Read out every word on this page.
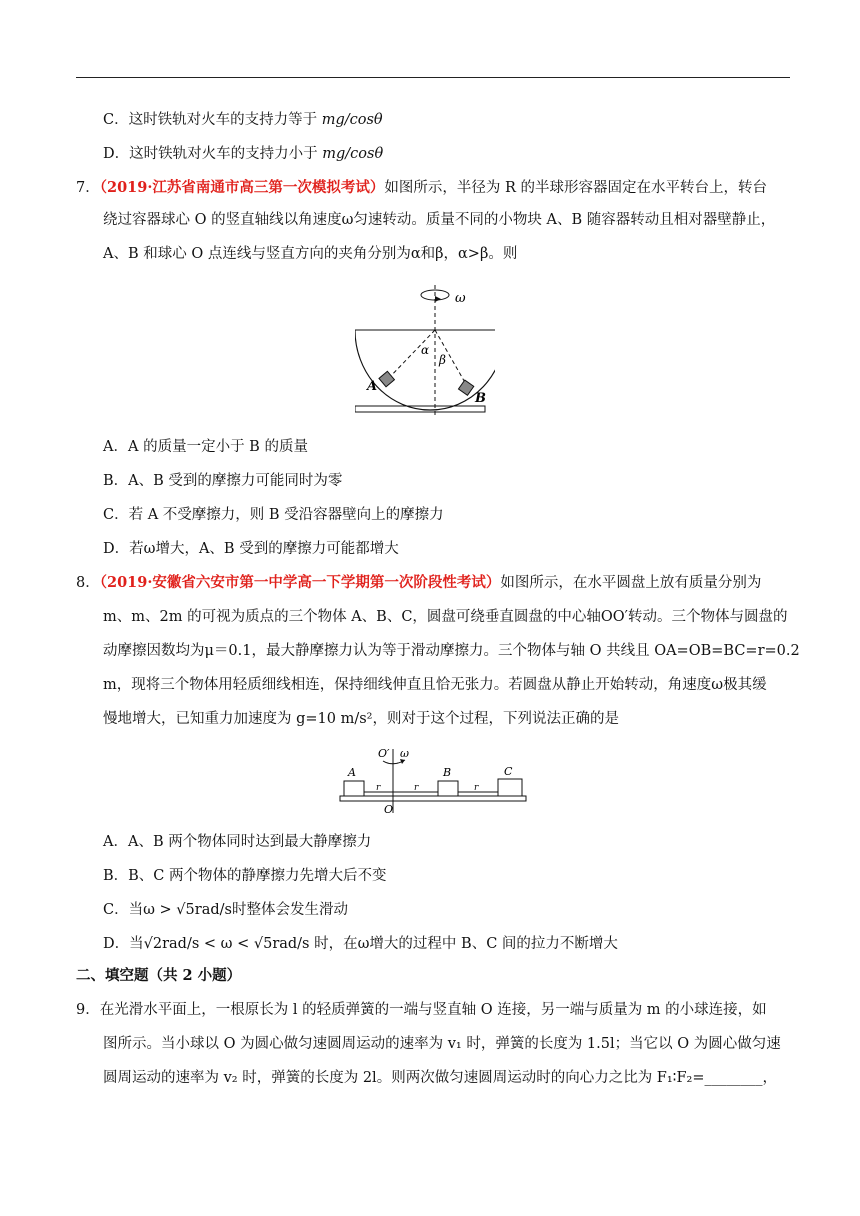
C．这时铁轨对火车的支持力等于 mg/cosθ
D．这时铁轨对火车的支持力小于 mg/cosθ
7．（2019·江苏省南通市高三第一次模拟考试）如图所示，半径为 R 的半球形容器固定在水平转台上，转台
绕过容器球心 O 的竖直轴线以角速度ω匀速转动。质量不同的小物块 A、B 随容器转动且相对器壁静止，
A、B 和球心 O 点连线与竖直方向的夹角分别为α和β，α>β。则
ω
α
β
A
B
A．A 的质量一定小于 B 的质量
B．A、B 受到的摩擦力可能同时为零
C．若 A 不受摩擦力，则 B 受沿容器壁向上的摩擦力
D．若ω增大，A、B 受到的摩擦力可能都增大
8．（2019·安徽省六安市第一中学高一下学期第一次阶段性考试）如图所示，在水平圆盘上放有质量分别为
m、m、2m 的可视为质点的三个物体 A、B、C，圆盘可绕垂直圆盘的中心轴OO′转动。三个物体与圆盘的
动摩擦因数均为μ＝0.1，最大静摩擦力认为等于滑动摩擦力。三个物体与轴 O 共线且 OA=OB=BC=r=0.2
m，现将三个物体用轻质细线相连，保持细线伸直且恰无张力。若圆盘从静止开始转动，角速度ω极其缓
慢地增大，已知重力加速度为 g=10 m/s²，则对于这个过程，下列说法正确的是
O′ ω
O
A	B	C
r	r	r
A．A、B 两个物体同时达到最大静摩擦力
B．B、C 两个物体的静摩擦力先增大后不变
C．当ω > √5rad/s时整体会发生滑动
D．当√2rad/s < ω < √5rad/s 时，在ω增大的过程中 B、C 间的拉力不断增大
二、填空题（共 2 小题）
9．在光滑水平面上，一根原长为 l 的轻质弹簧的一端与竖直轴 O 连接，另一端与质量为 m 的小球连接，如
图所示。当小球以 O 为圆心做匀速圆周运动的速率为 v₁ 时，弹簧的长度为 1.5l；当它以 O 为圆心做匀速
圆周运动的速率为 v₂ 时，弹簧的长度为 2l。则两次做匀速圆周运动时的向心力之比为 F₁∶F₂=________，
